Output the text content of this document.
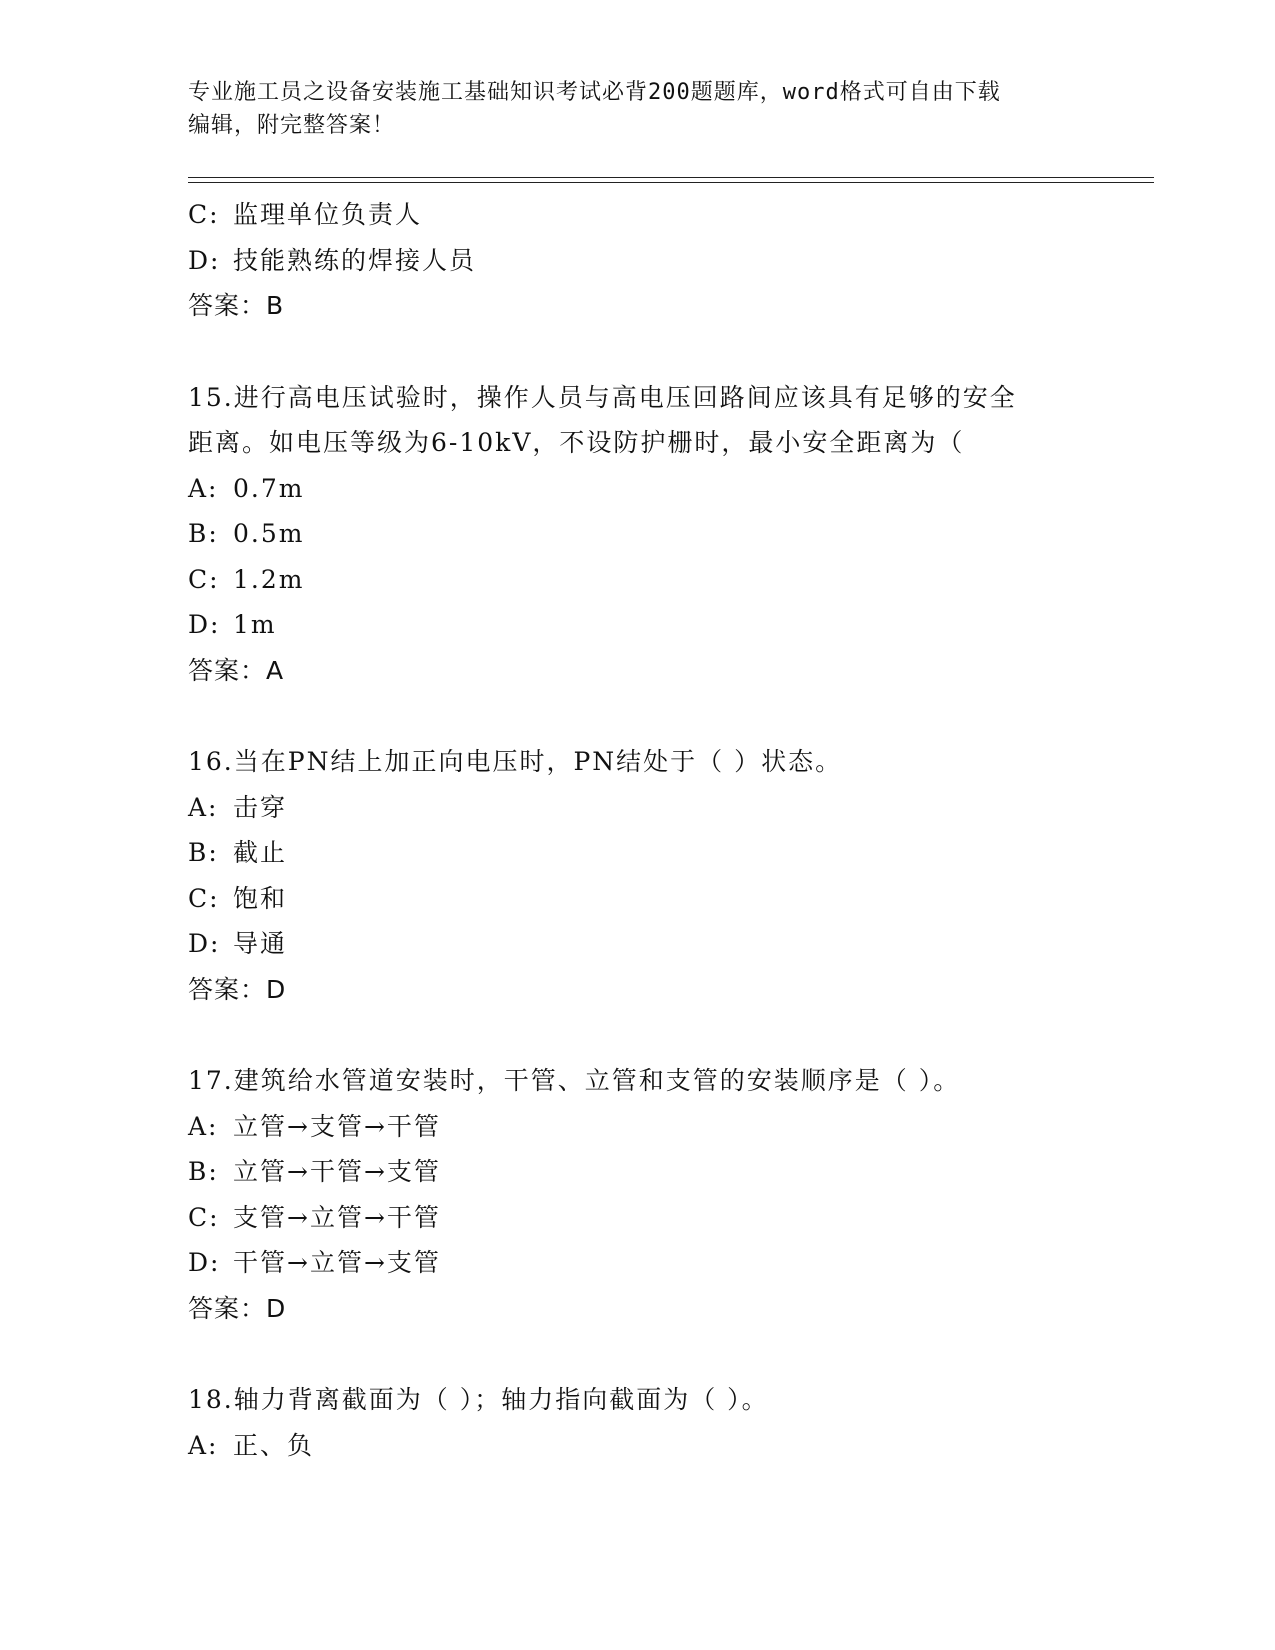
专业施工员之设备安装施工基础知识考试必背200题题库，word格式可自由下载
编辑，附完整答案！
C: 监理单位负责人
D: 技能熟练的焊接人员
答案：B
15.进行高电压试验时，操作人员与高电压回路间应该具有足够的安全
距离。如电压等级为6-10kV，不设防护栅时，最小安全距离为（
A: 0.7m
B: 0.5m
C: 1.2m
D: 1m
答案：A
16.当在PN结上加正向电压时，PN结处于（ ）状态。
A: 击穿
B: 截止
C: 饱和
D: 导通
答案：D
17.建筑给水管道安装时，干管、立管和支管的安装顺序是（ ）。
A: 立管→支管→干管
B: 立管→干管→支管
C: 支管→立管→干管
D: 干管→立管→支管
答案：D
18.轴力背离截面为（ ）；轴力指向截面为（ ）。
A: 正、负
